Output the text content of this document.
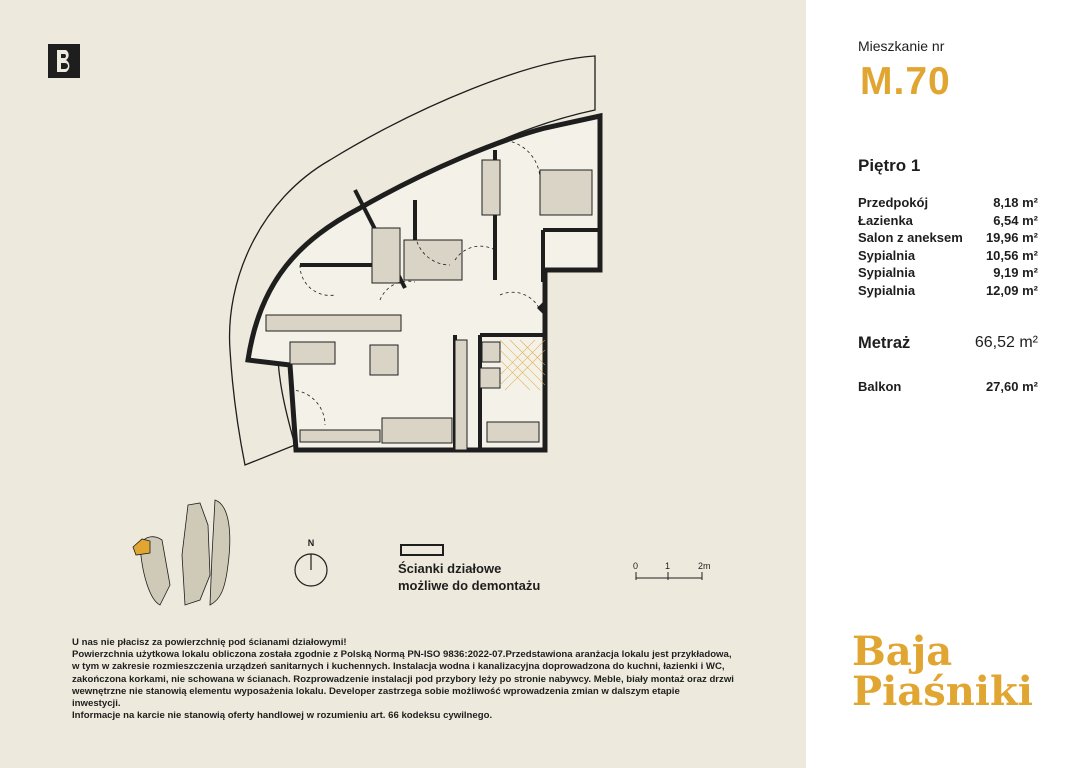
N
Ścianki działowe
możliwe do demontażu
0	1	2m
U nas nie płacisz za powierzchnię pod ścianami działowymi!
Powierzchnia użytkowa lokalu obliczona została zgodnie z Polską Normą PN-ISO 9836:2022-07.Przedstawiona aranżacja lokalu jest przykładowa,
w tym w zakresie rozmieszczenia urządzeń sanitarnych i kuchennych. Instalacja wodna i kanalizacyjna doprowadzona do kuchni, łazienki i WC,
zakończona korkami, nie schowana w ścianach. Rozprowadzenie instalacji pod przybory leży po stronie nabywcy. Meble, biały montaż oraz drzwi
wewnętrzne nie stanowią elementu wyposażenia lokalu. Developer zastrzega sobie możliwość wprowadzenia zmian w dalszym etapie
inwestycji.
Informacje na karcie nie stanowią oferty handlowej w rozumieniu art. 66 kodeksu cywilnego.
Mieszkanie nr
M.70
Piętro 1
Przedpokój	8,18 m²
Łazienka	6,54 m²
Salon z aneksem 19,96 m²
Sypialnia	10,56 m²
Sypialnia	9,19 m²
Sypialnia	12,09 m²
Metraż	66,52 m²
Balkon	27,60 m²
Baja
Piaśniki
